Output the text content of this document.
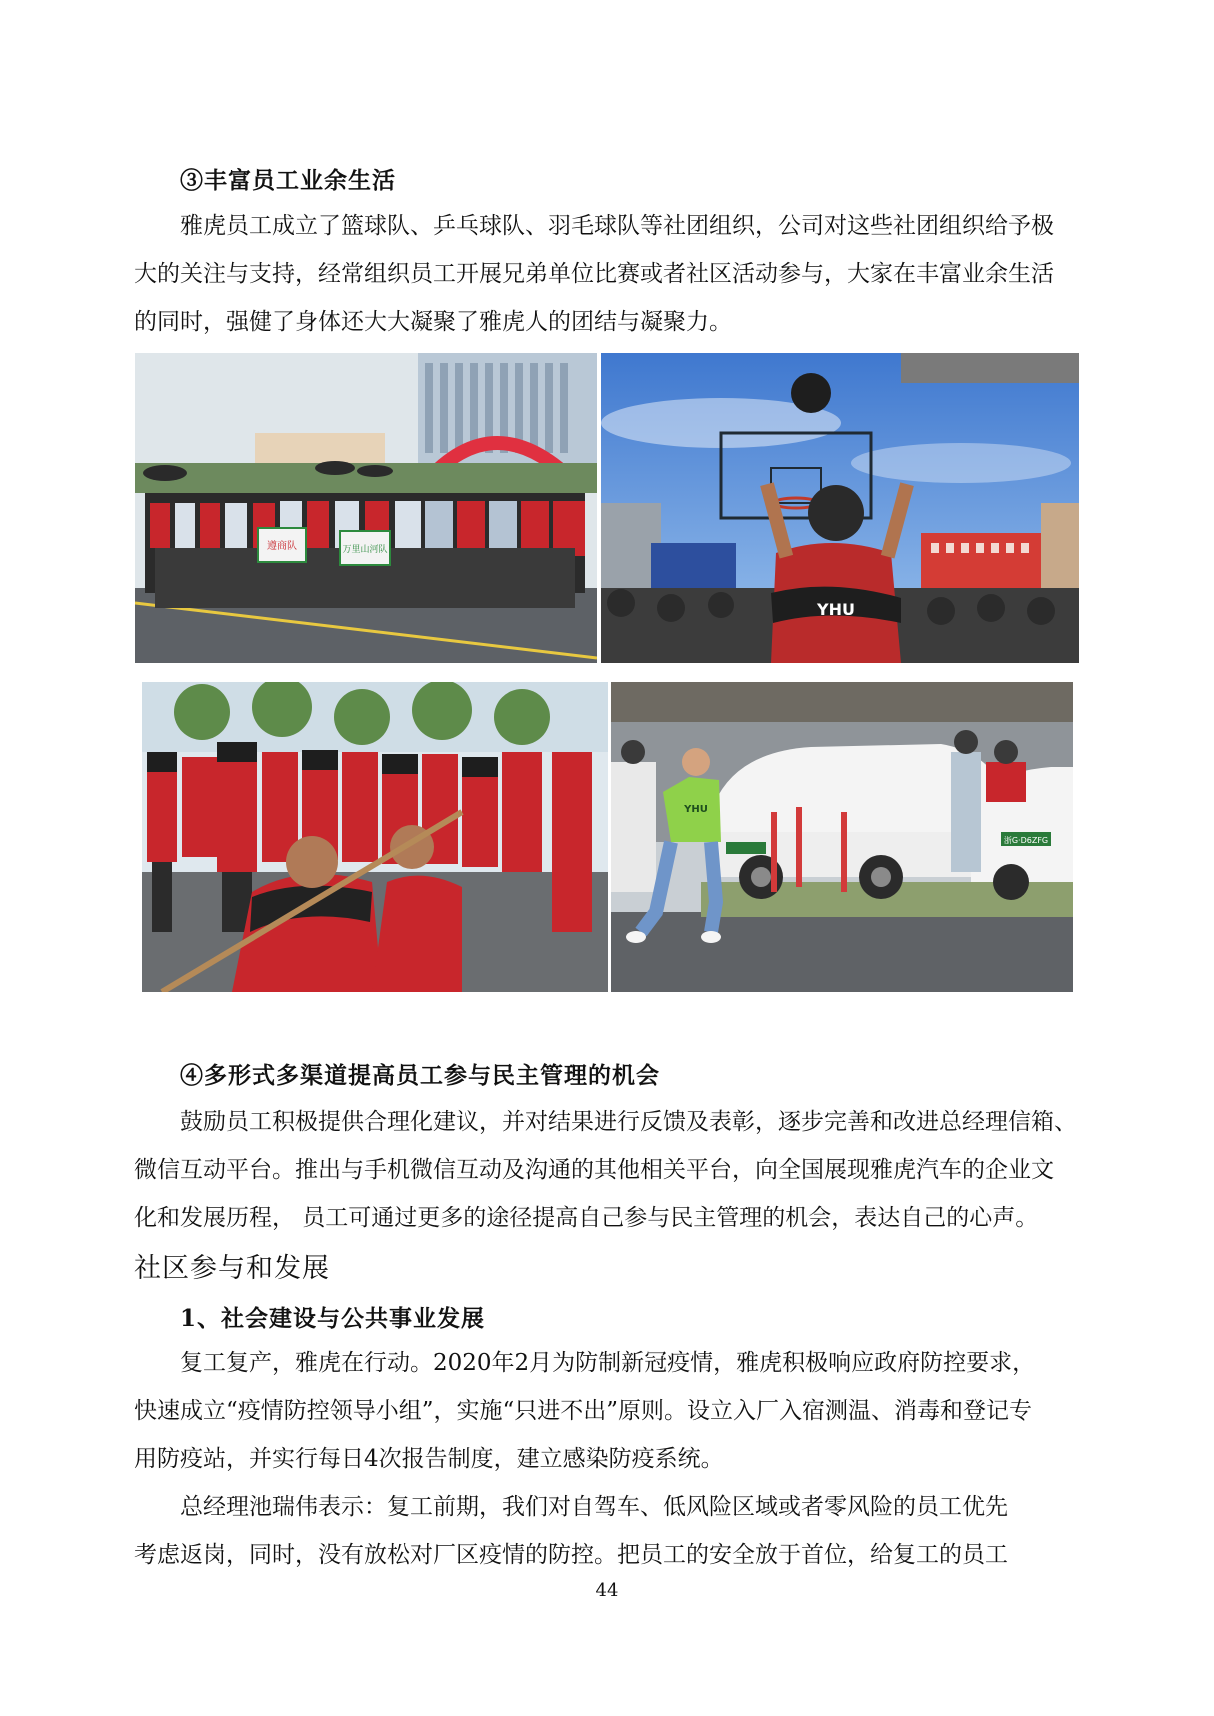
③丰富员工业余生活
雅虎员工成立了篮球队、乒乓球队、羽毛球队等社团组织，公司对这些社团组织给予极
大的关注与支持，经常组织员工开展兄弟单位比赛或者社区活动参与，大家在丰富业余生活
的同时，强健了身体还大大凝聚了雅虎人的团结与凝聚力。
遵商队	万里山河队
YHU
浙G·D6ZFG
YHU
④多形式多渠道提高员工参与民主管理的机会
鼓励员工积极提供合理化建议，并对结果进行反馈及表彰，逐步完善和改进总经理信箱、
微信互动平台。推出与手机微信互动及沟通的其他相关平台，向全国展现雅虎汽车的企业文
化和发展历程， 员工可通过更多的途径提高自己参与民主管理的机会，表达自己的心声。
社区参与和发展
1、社会建设与公共事业发展
复工复产，雅虎在行动。2020年2月为防制新冠疫情，雅虎积极响应政府防控要求，
快速成立“疫情防控领导小组”，实施“只进不出”原则。设立入厂入宿测温、消毒和登记专
用防疫站，并实行每日4次报告制度，建立感染防疫系统。
总经理池瑞伟表示：复工前期，我们对自驾车、低风险区域或者零风险的员工优先
考虑返岗，同时，没有放松对厂区疫情的防控。把员工的安全放于首位，给复工的员工
44
